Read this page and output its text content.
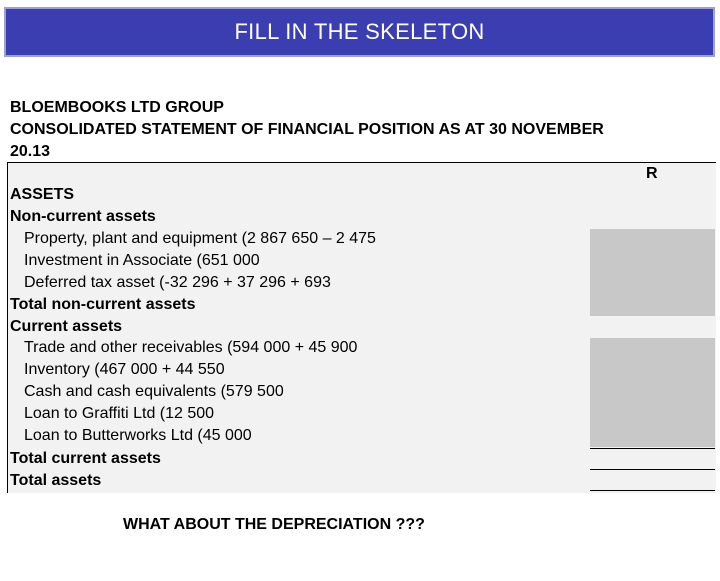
FILL IN THE SKELETON
BLOEMBOOKS LTD GROUP
CONSOLIDATED STATEMENT OF FINANCIAL POSITION AS AT 30 NOVEMBER
20.13
R
ASSETS
Non-current assets
Property, plant and equipment (2 867 650 – 2 475
Investment in Associate (651 000
Deferred tax asset (-32 296 + 37 296 + 693
Total non-current assets
Current assets
Trade and other receivables (594 000 + 45 900
Inventory (467 000 + 44 550
Cash and cash equivalents (579 500
Loan to Graffiti Ltd (12 500
Loan to Butterworks Ltd (45 000
Total current assets
Total assets
WHAT ABOUT THE DEPRECIATION ???
